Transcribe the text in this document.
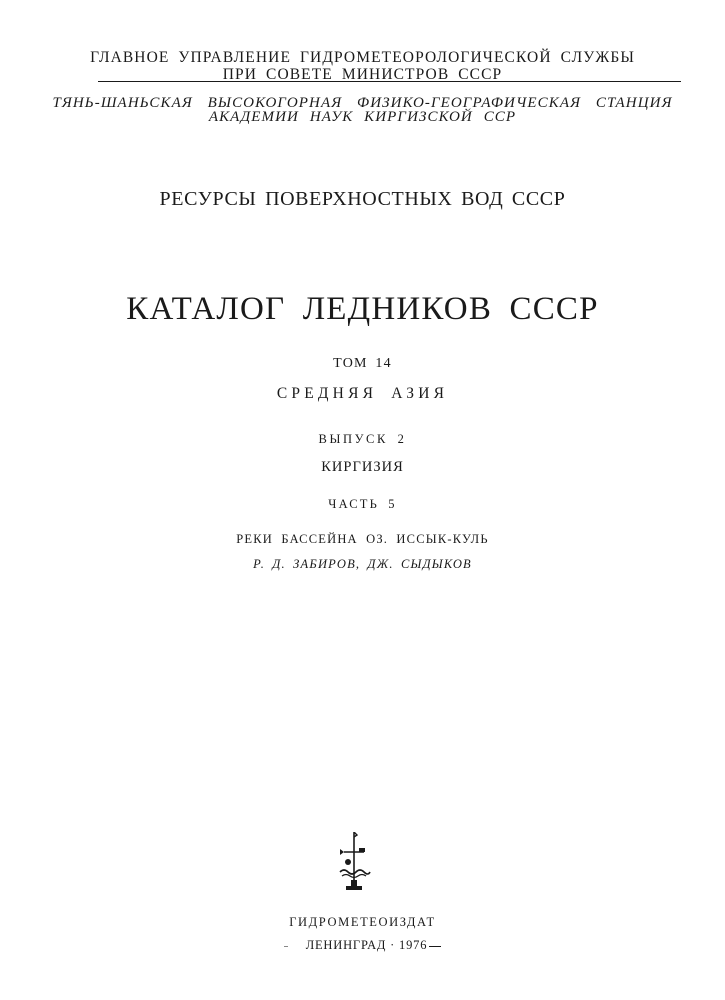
ГЛАВНОЕ УПРАВЛЕНИЕ ГИДРОМЕТЕОРОЛОГИЧЕСКОЙ СЛУЖБЫ
ПРИ СОВЕТЕ МИНИСТРОВ СССР
ТЯНЬ-ШАНЬСКАЯ ВЫСОКОГОРНАЯ ФИЗИКО-ГЕОГРАФИЧЕСКАЯ СТАНЦИЯ
АКАДЕМИИ НАУК КИРГИЗСКОЙ ССР
РЕСУРСЫ ПОВЕРХНОСТНЫХ ВОД СССР
КАТАЛОГ ЛЕДНИКОВ СССР
ТОМ 14
СРЕДНЯЯ АЗИЯ
ВЫПУСК 2
КИРГИЗИЯ
ЧАСТЬ 5
РЕКИ БАССЕЙНА ОЗ. ИССЫК-КУЛЬ
Р. Д. ЗАБИРОВ, ДЖ. СЫДЫКОВ
ГИДРОМЕТЕОИЗДАТ
ЛЕНИНГРАД · 1976
